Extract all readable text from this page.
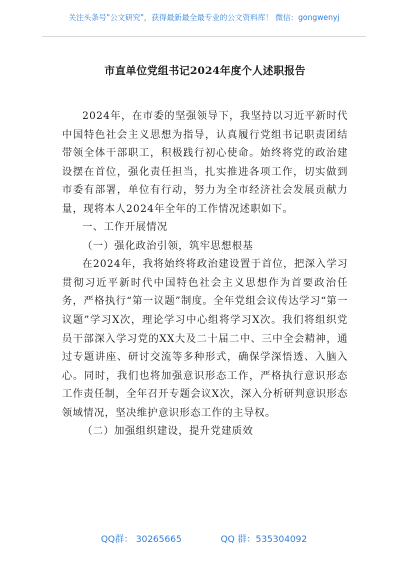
关注头条号"公文研究"，获得最新最全最专业的公文资料库！ 微信：gongwenyj
市直单位党组书记2024年度个人述职报告

2024年，在市委的坚强领导下，我坚持以习近平新时代中国特色社会主义思想为指导，认真履行党组书记职责团结带领全体干部职工，积极践行初心使命。始终将党的政治建设摆在首位，强化责任担当，扎实推进各项工作，切实做到市委有部署，单位有行动，努力为全市经济社会发展贡献力量，现将本人2024年全年的工作情况述职如下。

一、工作开展情况

（一）强化政治引领，筑牢思想根基

在2024年，我将始终将政治建设置于首位，把深入学习贯彻习近平新时代中国特色社会主义思想作为首要政治任务，严格执行“第一议题”制度。全年党组会议传达学习“第一议题”学习X次，理论学习中心组将学习X次。我们将组织党员干部深入学习党的XX大及二十届二中、三中全会精神，通过专题讲座、研讨交流等多种形式，确保学深悟透、入脑入心。同时，我们也将加强意识形态工作，严格执行意识形态工作责任制，全年召开专题会议X次，深入分析研判意识形态领域情况，坚决维护意识形态工作的主导权。

（二）加强组织建设，提升党建质效

QQ群： 30265665	QQ 群：535304092
